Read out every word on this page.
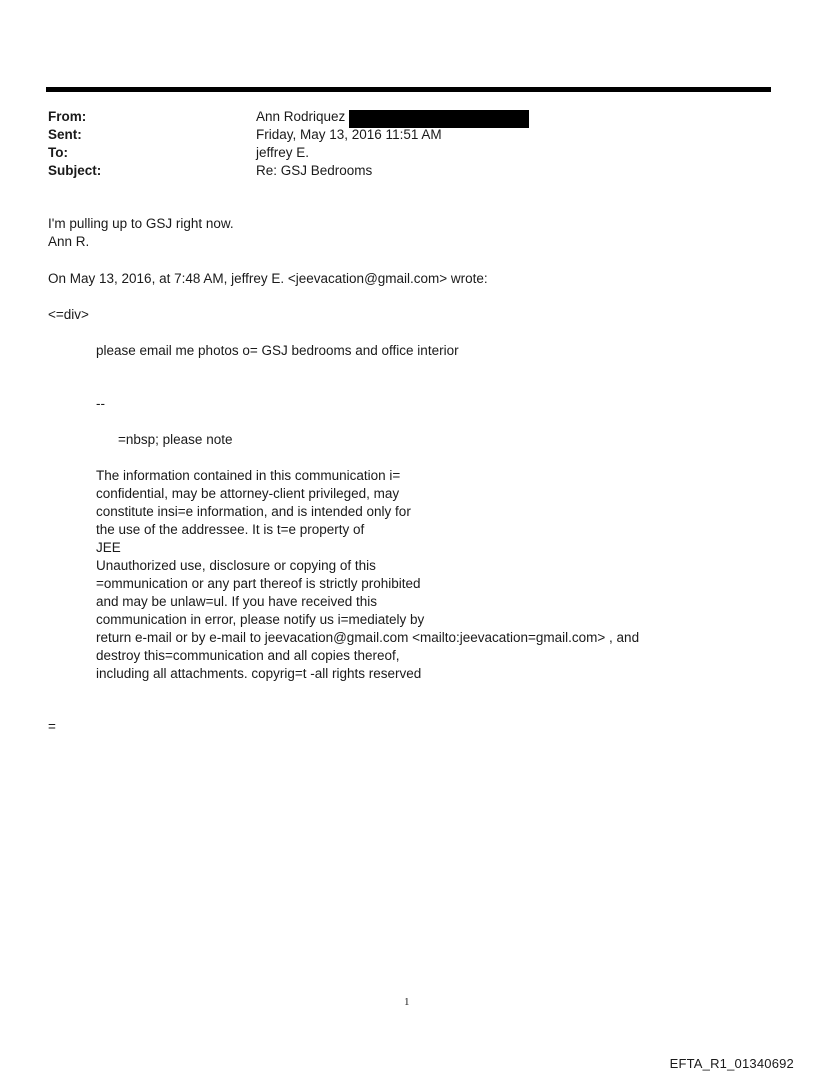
From:	Ann Rodriquez
Sent:	Friday, May 13, 2016 11:51 AM
To:	jeffrey E.
Subject:	Re: GSJ Bedrooms
I'm pulling up to GSJ right now.
Ann R.
On May 13, 2016, at 7:48 AM, jeffrey E. <jeevacation@gmail.com> wrote:
<=div>
please email me photos o= GSJ bedrooms and office interior
--
=nbsp; please note
The information contained in this communication i=
confidential, may be attorney-client privileged, may
constitute insi=e information, and is intended only for
the use of the addressee. It is t=e property of
JEE
Unauthorized use, disclosure or copying of this
=ommunication or any part thereof is strictly prohibited
and may be unlaw=ul. If you have received this
communication in error, please notify us i=mediately by
return e-mail or by e-mail to jeevacation@gmail.com <mailto:jeevacation=gmail.com> , and
destroy this=communication and all copies thereof,
including all attachments. copyrig=t -all rights reserved
=
1
EFTA_R1_01340692
